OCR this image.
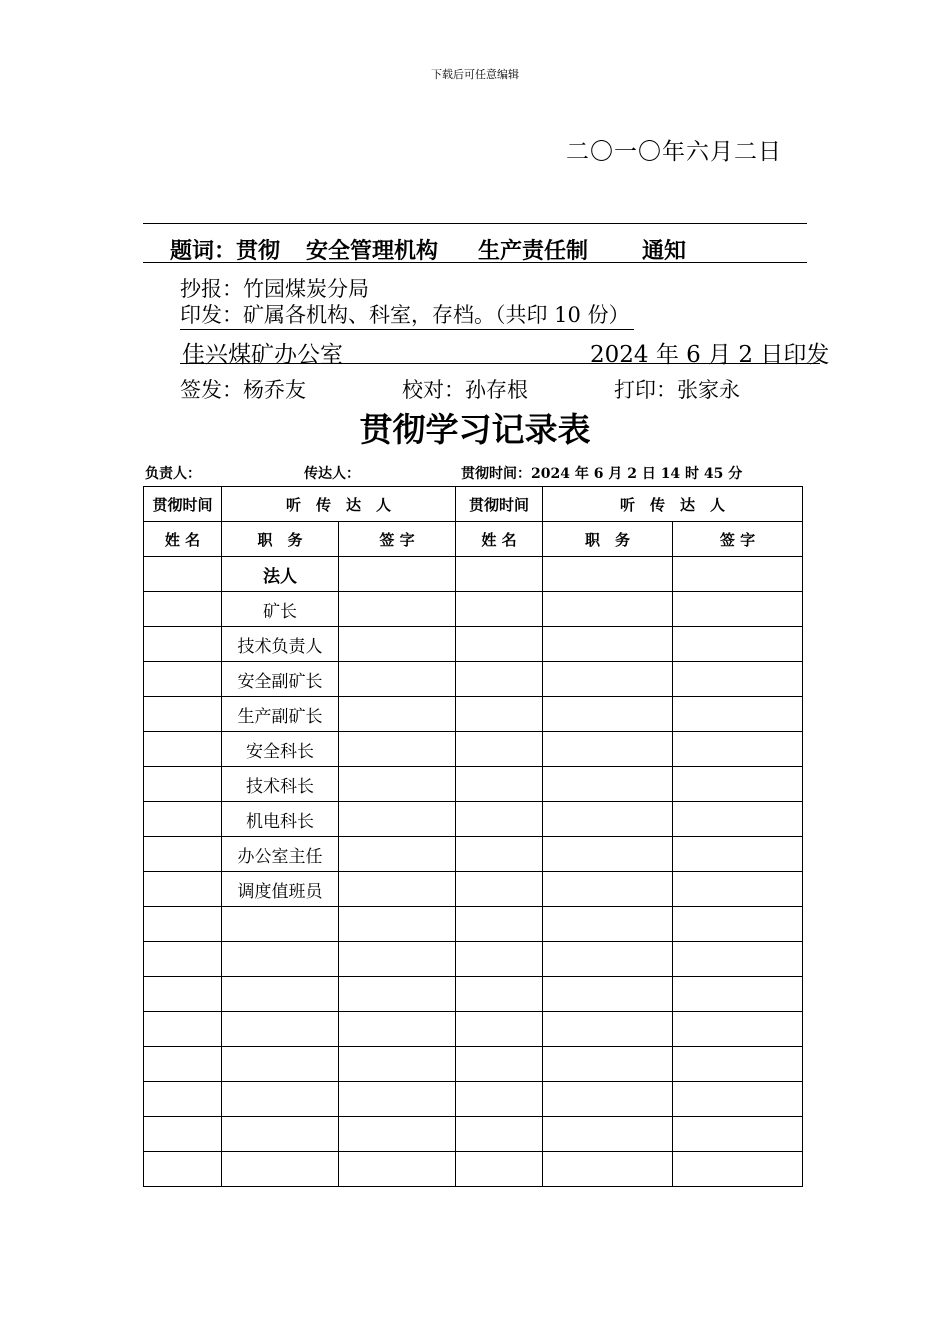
下载后可任意编辑
二〇一〇年六月二日
题词：贯彻 安全管理机构 生产责任制 通知
抄报：竹园煤炭分局
印发：矿属各机构、科室，存档。（共印 10 份）
佳兴煤矿办公室	2024 年 6 月 2 日印发
签发：杨乔友	校对：孙存根	打印：张家永
贯彻学习记录表
负责人：	传达人：	贯彻时间：2024 年 6 月 2 日 14 时 45 分
贯彻时间	听　传　达　人		贯彻时间	听　传　达　人	
姓 名	职　务	签 字	姓 名	职　务	签 字
	法人				
	矿长				
	技术负责人				
	安全副矿长				
	生产副矿长				
	安全科长				
	技术科长				
	机电科长				
	办公室主任				
	调度值班员				
